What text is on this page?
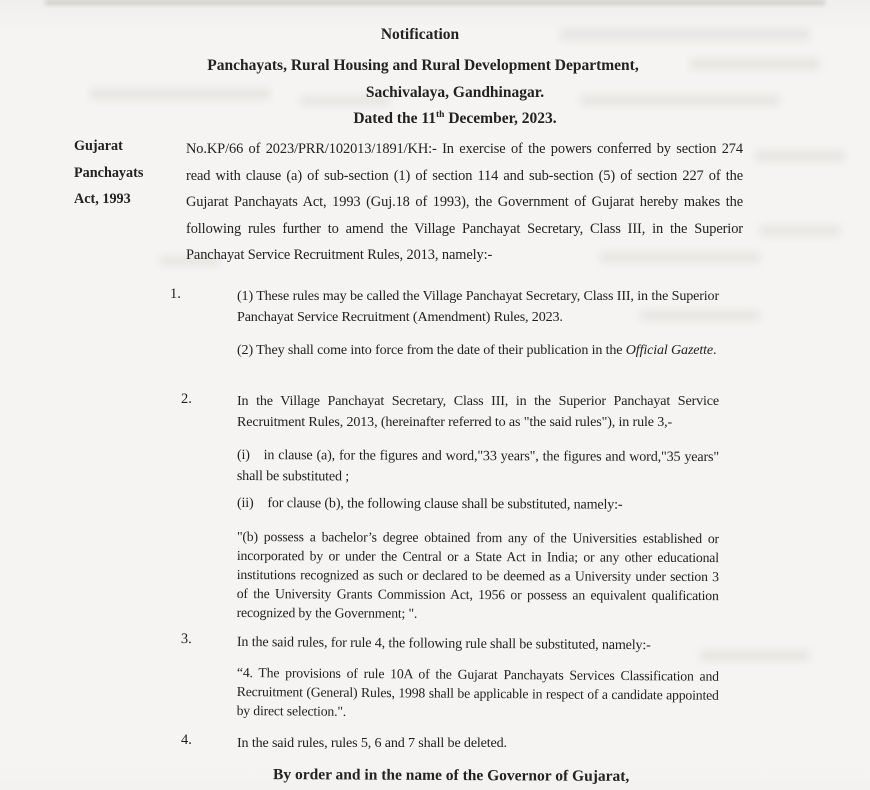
Notification
Panchayats, Rural Housing and Rural Development Department,
Sachivalaya, Gandhinagar.
Dated the 11th December, 2023.
Gujarat
Panchayats
Act, 1993
No.KP/66 of 2023/PRR/102013/1891/KH:- In exercise of the powers conferred by section 274 read with clause (a) of sub-section (1) of section 114 and sub-section (5) of section 227 of the Gujarat Panchayats Act, 1993 (Guj.18 of 1993), the Government of Gujarat hereby makes the following rules further to amend the Village Panchayat Secretary, Class III, in the Superior Panchayat Service Recruitment Rules, 2013, namely:-
1.	(1) These rules may be called the Village Panchayat Secretary, Class III, in the Superior Panchayat Service Recruitment (Amendment) Rules, 2023.
(2) They shall come into force from the date of their publication in the Official Gazette.
2.	In the Village Panchayat Secretary, Class III, in the Superior Panchayat Service Recruitment Rules, 2013, (hereinafter referred to as "the said rules"), in rule 3,-
(i)  in clause (a), for the figures and word,"33 years", the figures and word,"35 years" shall be substituted ;
(ii)  for clause (b), the following clause shall be substituted, namely:-
"(b) possess a bachelor’s degree obtained from any of the Universities established or incorporated by or under the Central or a State Act in India; or any other educational institutions recognized as such or declared to be deemed as a University under section 3 of the University Grants Commission Act, 1956 or possess an equivalent qualification recognized by the Government; ".
3.	In the said rules, for rule 4, the following rule shall be substituted, namely:-
“4. The provisions of rule 10A of the Gujarat Panchayats Services Classification and Recruitment (General) Rules, 1998 shall be applicable in respect of a candidate appointed by direct selection.".
4.	In the said rules, rules 5, 6 and 7 shall be deleted.
By order and in the name of the Governor of Gujarat,
